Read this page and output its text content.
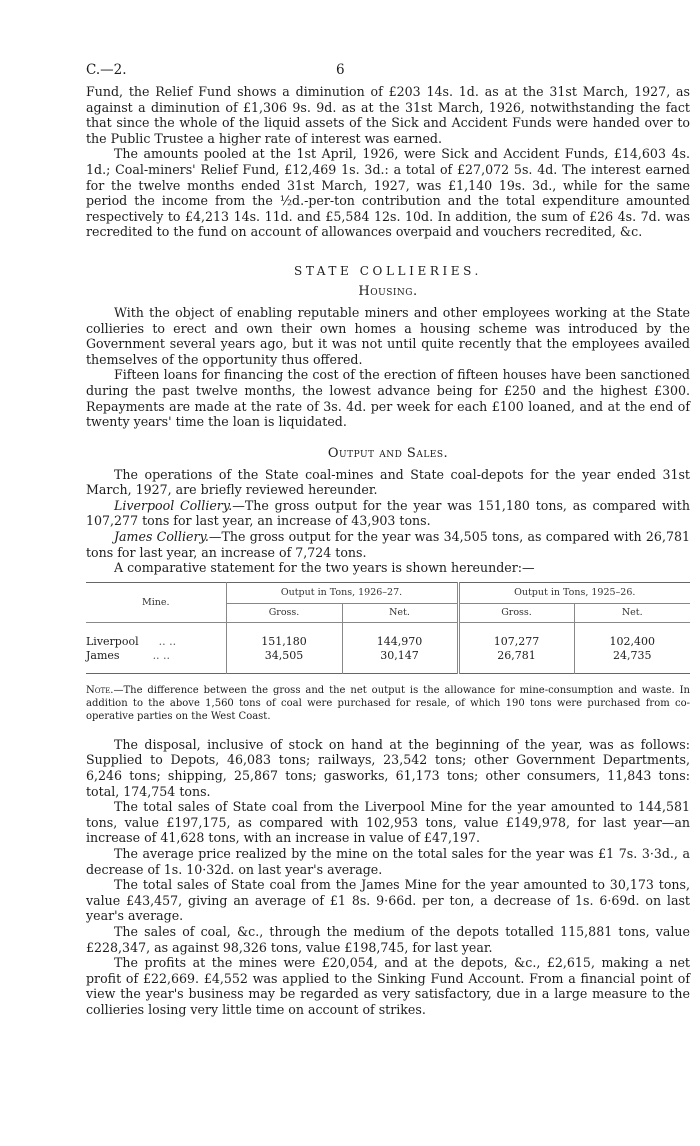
C.—2.	6

Fund, the Relief Fund shows a diminution of £203 14s. 1d. as at the 31st March, 1927, as against a diminution of £1,306 9s. 9d. as at the 31st March, 1926, notwithstanding the fact that since the whole of the liquid assets of the Sick and Accident Funds were handed over to the Public Trustee a higher rate of interest was earned.

The amounts pooled at the 1st April, 1926, were Sick and Accident Funds, £14,603 4s. 1d.; Coal-miners' Relief Fund, £12,469 1s. 3d.: a total of £27,072 5s. 4d. The interest earned for the twelve months ended 31st March, 1927, was £1,140 19s. 3d., while for the same period the income from the ½d.-per-ton contribution and the total expenditure amounted respectively to £4,213 14s. 11d. and £5,584 12s. 10d. In addition, the sum of £26 4s. 7d. was recredited to the fund on account of allowances overpaid and vouchers recredited, &c.

STATE COLLIERIES.
Housing.

With the object of enabling reputable miners and other employees working at the State collieries to erect and own their own homes a housing scheme was introduced by the Government several years ago, but it was not until quite recently that the employees availed themselves of the opportunity thus offered.

Fifteen loans for financing the cost of the erection of fifteen houses have been sanctioned during the past twelve months, the lowest advance being for £250 and the highest £300. Repayments are made at the rate of 3s. 4d. per week for each £100 loaned, and at the end of twenty years' time the loan is liquidated.

Output and Sales.

The operations of the State coal-mines and State coal-depots for the year ended 31st March, 1927, are briefly reviewed hereunder.

Liverpool Colliery.—The gross output for the year was 151,180 tons, as compared with 107,277 tons for last year, an increase of 43,903 tons.

James Colliery.—The gross output for the year was 34,505 tons, as compared with 26,781 tons for last year, an increase of 7,724 tons.

A comparative statement for the two years is shown hereunder:—

Mine.	Output in Tons, 1926–27.		Output in Tons, 1925–26.	
	Gross.	Net.	Gross.	Net.

Liverpool .. ..	151,180	144,970	107,277	102,400
James .. ..	34,505	30,147	26,781	24,735

Note.—The difference between the gross and the net output is the allowance for mine-consumption and waste. In addition to the above 1,560 tons of coal were purchased for resale, of which 190 tons were purchased from co-operative parties on the West Coast.

The disposal, inclusive of stock on hand at the beginning of the year, was as follows: Supplied to Depots, 46,083 tons; railways, 23,542 tons; other Government Departments, 6,246 tons; shipping, 25,867 tons; gasworks, 61,173 tons; other consumers, 11,843 tons: total, 174,754 tons.

The total sales of State coal from the Liverpool Mine for the year amounted to 144,581 tons, value £197,175, as compared with 102,953 tons, value £149,978, for last year—an increase of 41,628 tons, with an increase in value of £47,197.

The average price realized by the mine on the total sales for the year was £1 7s. 3·3d., a decrease of 1s. 10·32d. on last year's average.

The total sales of State coal from the James Mine for the year amounted to 30,173 tons, value £43,457, giving an average of £1 8s. 9·66d. per ton, a decrease of 1s. 6·69d. on last year's average.

The sales of coal, &c., through the medium of the depots totalled 115,881 tons, value £228,347, as against 98,326 tons, value £198,745, for last year.

The profits at the mines were £20,054, and at the depots, &c., £2,615, making a net profit of £22,669. £4,552 was applied to the Sinking Fund Account. From a financial point of view the year's business may be regarded as very satisfactory, due in a large measure to the collieries losing very little time on account of strikes.
